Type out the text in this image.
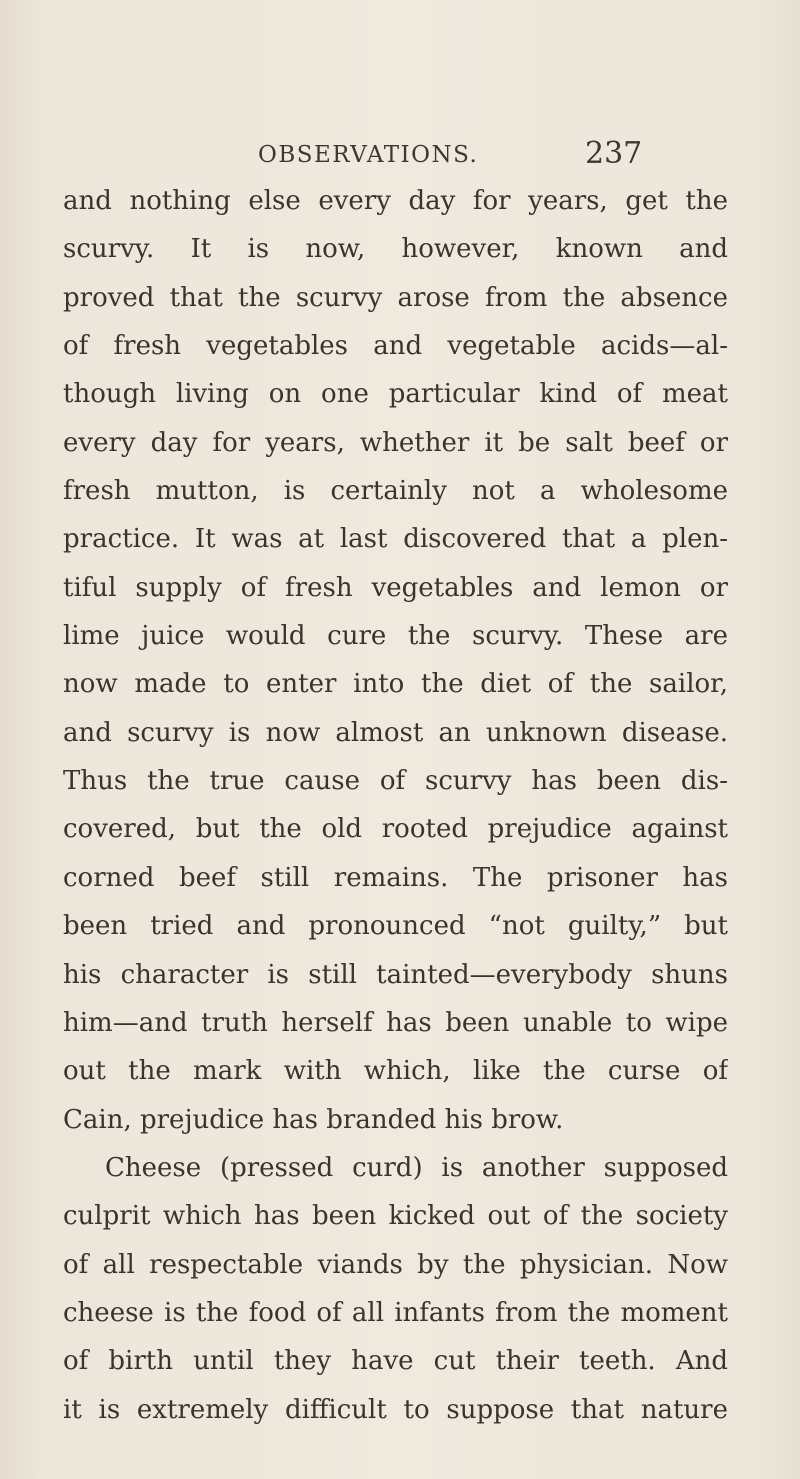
OBSERVATIONS.	237
and nothing else every day for years, get the
scurvy. It is now, however, known and
proved that the scurvy arose from the absence
of fresh vegetables and vegetable acids—al-
though living on one particular kind of meat
every day for years, whether it be salt beef or
fresh mutton, is certainly not a wholesome
practice. It was at last discovered that a plen-
tiful supply of fresh vegetables and lemon or
lime juice would cure the scurvy. These are
now made to enter into the diet of the sailor,
and scurvy is now almost an unknown disease.
Thus the true cause of scurvy has been dis-
covered, but the old rooted prejudice against
corned beef still remains. The prisoner has
been tried and pronounced “not guilty,” but
his character is still tainted—everybody shuns
him—and truth herself has been unable to wipe
out the mark with which, like the curse of
Cain, prejudice has branded his brow.
Cheese (pressed curd) is another supposed
culprit which has been kicked out of the society
of all respectable viands by the physician. Now
cheese is the food of all infants from the moment
of birth until they have cut their teeth. And
it is extremely difficult to suppose that nature
